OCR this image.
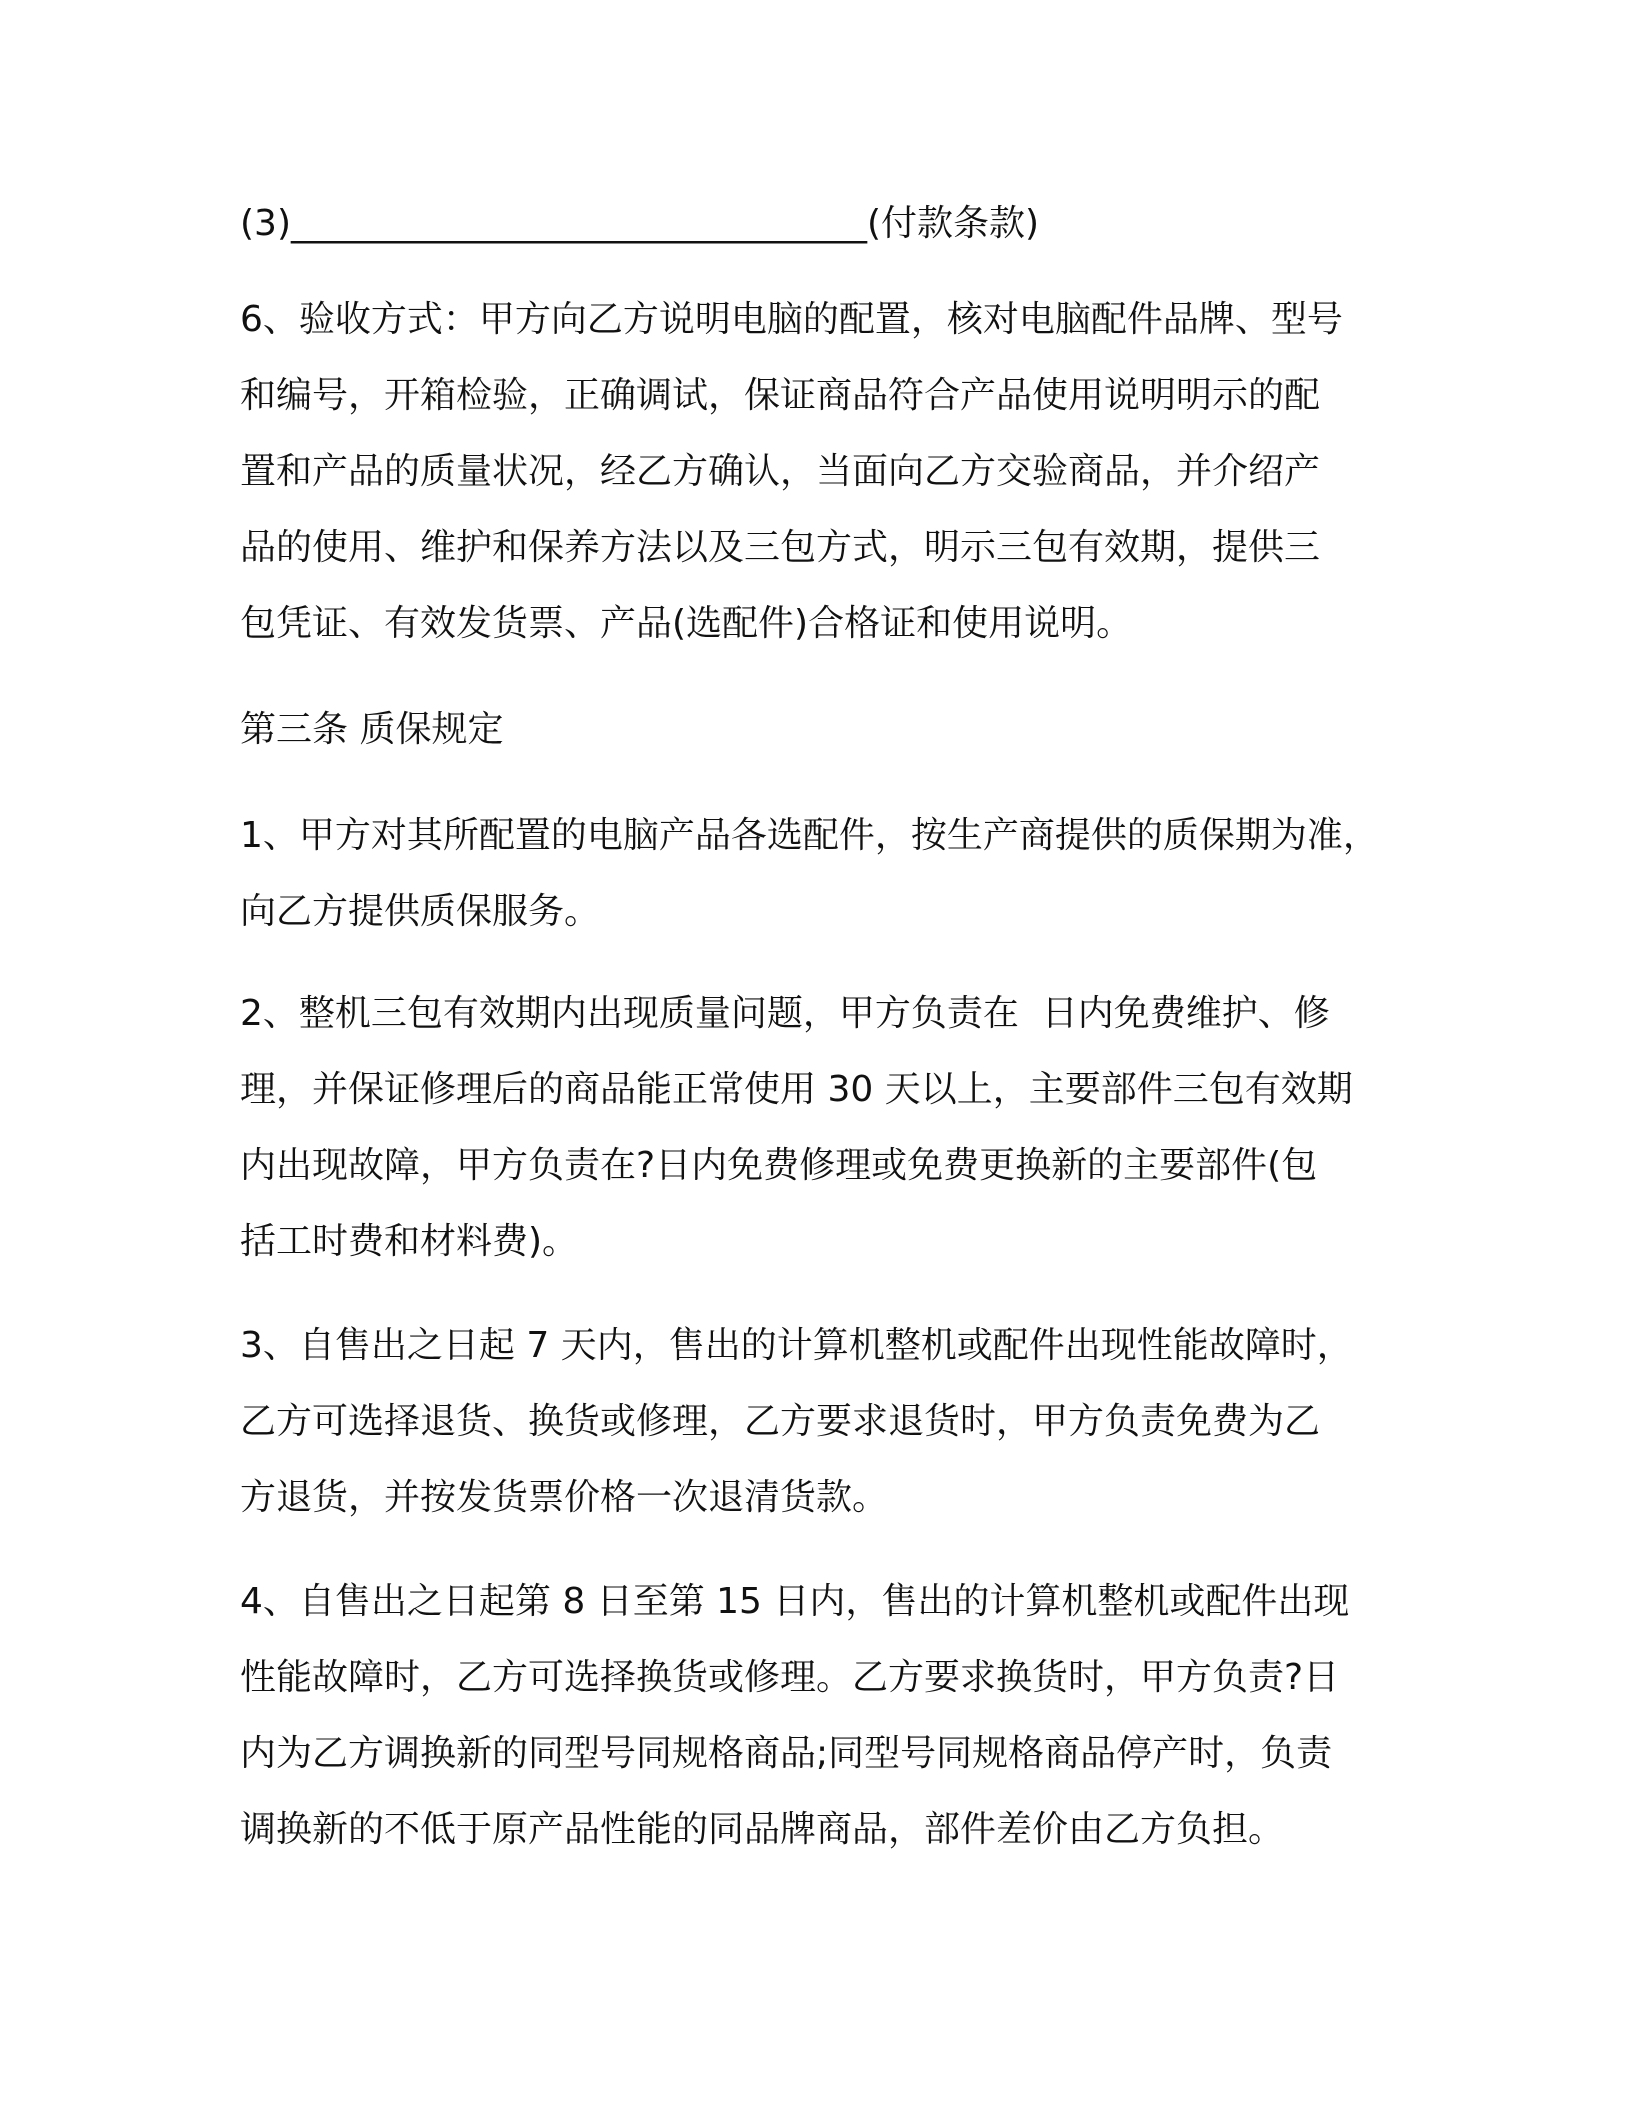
(3)________________________________(付款条款)

6、验收方式：甲方向乙方说明电脑的配置，核对电脑配件品牌、型号

和编号，开箱检验，正确调试，保证商品符合产品使用说明明示的配

置和产品的质量状况，经乙方确认，当面向乙方交验商品，并介绍产

品的使用、维护和保养方法以及三包方式，明示三包有效期，提供三

包凭证、有效发货票、产品(选配件)合格证和使用说明。

第三条 质保规定

1、甲方对其所配置的电脑产品各选配件，按生产商提供的质保期为准，

向乙方提供质保服务。

2、整机三包有效期内出现质量问题，甲方负责在  日内免费维护、修

理，并保证修理后的商品能正常使用 30 天以上，主要部件三包有效期

内出现故障，甲方负责在?日内免费修理或免费更换新的主要部件(包

括工时费和材料费)。

3、自售出之日起 7 天内，售出的计算机整机或配件出现性能故障时，

乙方可选择退货、换货或修理，乙方要求退货时，甲方负责免费为乙

方退货，并按发货票价格一次退清货款。

4、自售出之日起第 8 日至第 15 日内，售出的计算机整机或配件出现

性能故障时，乙方可选择换货或修理。乙方要求换货时，甲方负责?日

内为乙方调换新的同型号同规格商品;同型号同规格商品停产时，负责

调换新的不低于原产品性能的同品牌商品，部件差价由乙方负担。
